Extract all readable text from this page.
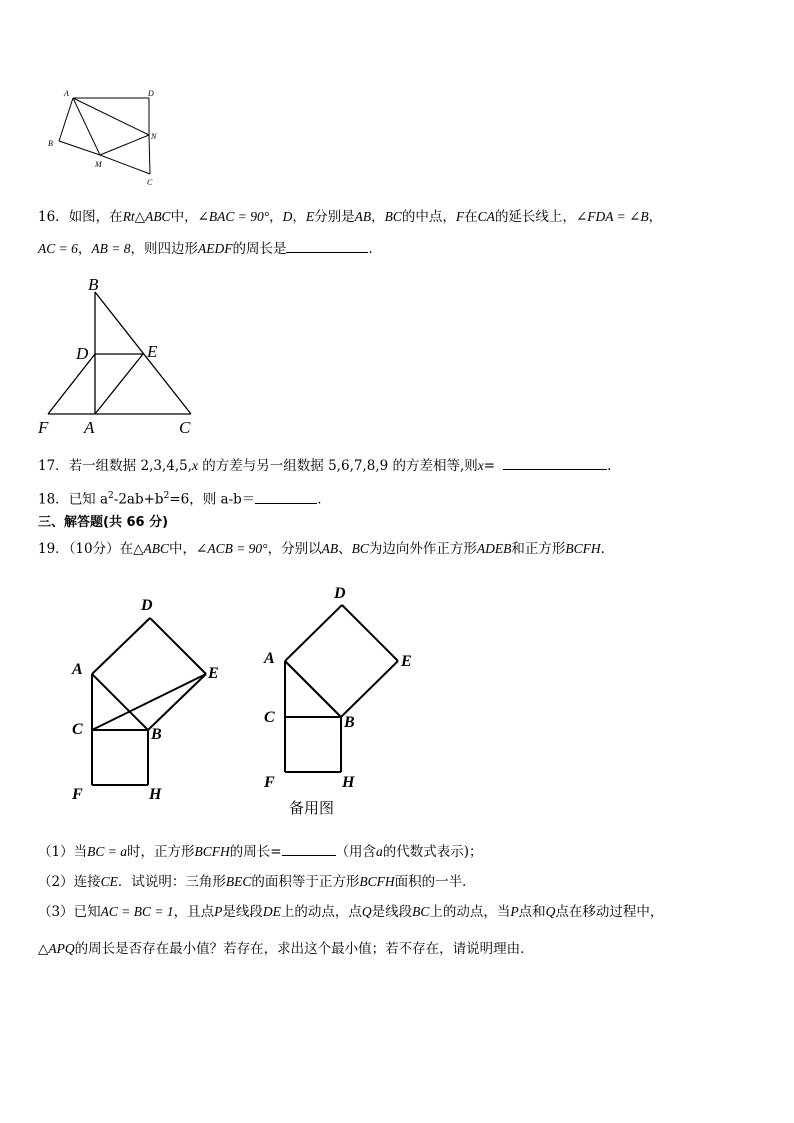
A	D
B
N
M
C
16．如图，在Rt△ABC中，∠BAC = 90°，D，E分别是AB，BC的中点，F在CA的延长线上，∠FDA = ∠B，
AC = 6，AB = 8，则四边形AEDF的周长是	．
B
D	E
F A	C
17．若一组数据 2,3,4,5,x 的方差与另一组数据 5,6,7,8,9 的方差相等,则x=	.
18．已知 $a^2-2ab+b^2=6$，则 a-b＝	.
三、解答题(共 66 分)
19．（10分）在△ABC中，∠ACB = 90°，分别以AB、BC为边向外作正方形ADEB和正方形BCFH．
D
A	E
C	B
F	H
D
A	E
C	B
F	H
备用图
（1）当BC = a时，正方形BCFH的周长=	（用含a的代数式表示)；
（2）连接CE．试说明：三角形BEC的面积等于正方形BCFH面积的一半．
（3）已知AC = BC = 1，且点P是线段DE上的动点，点Q是线段BC上的动点，当P点和Q点在移动过程中，
△APQ的周长是否存在最小值？若存在，求出这个最小值；若不存在，请说明理由．
